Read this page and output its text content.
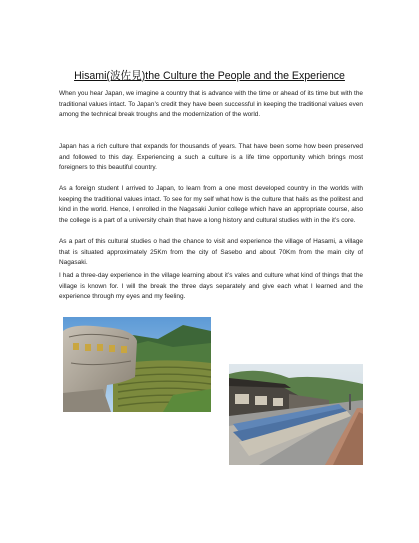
Hisami(波佐見)the Culture the People and the Experience

When you hear Japan, we imagine a country that is advance with the time or ahead of its time but with the traditional values intact. To Japan’s credit they have been successful in keeping the traditional values even among the technical break troughs and the modernization of the world.

Japan has a rich culture that expands for thousands of years. That have been some how been preserved and followed to this day. Experiencing a such a culture is a life time opportunity which brings most foreigners to this beautiful country.

As a foreign student I arrived to Japan, to learn from a one most developed country in the worlds with keeping the traditional values intact. To see for my self what how is the culture that hails as the politest and kind in the world. Hence, I enrolled in the Nagasaki Junior college which have an appropriate course, also the college is a part of a university chain that have a long history and cultural studies with in the it’s core.

As a part of this cultural studies o had the chance to visit and experience the village of Hasami, a village that is situated approximately 25Km from the city of Sasebo and about 70Km from the main city of Nagasaki.

I had a three-day experience in the village learning about it’s vales and culture what kind of things that the village is known for. I will the break the three days separately and give each what I learned and the experience through my eyes and my feeling.
